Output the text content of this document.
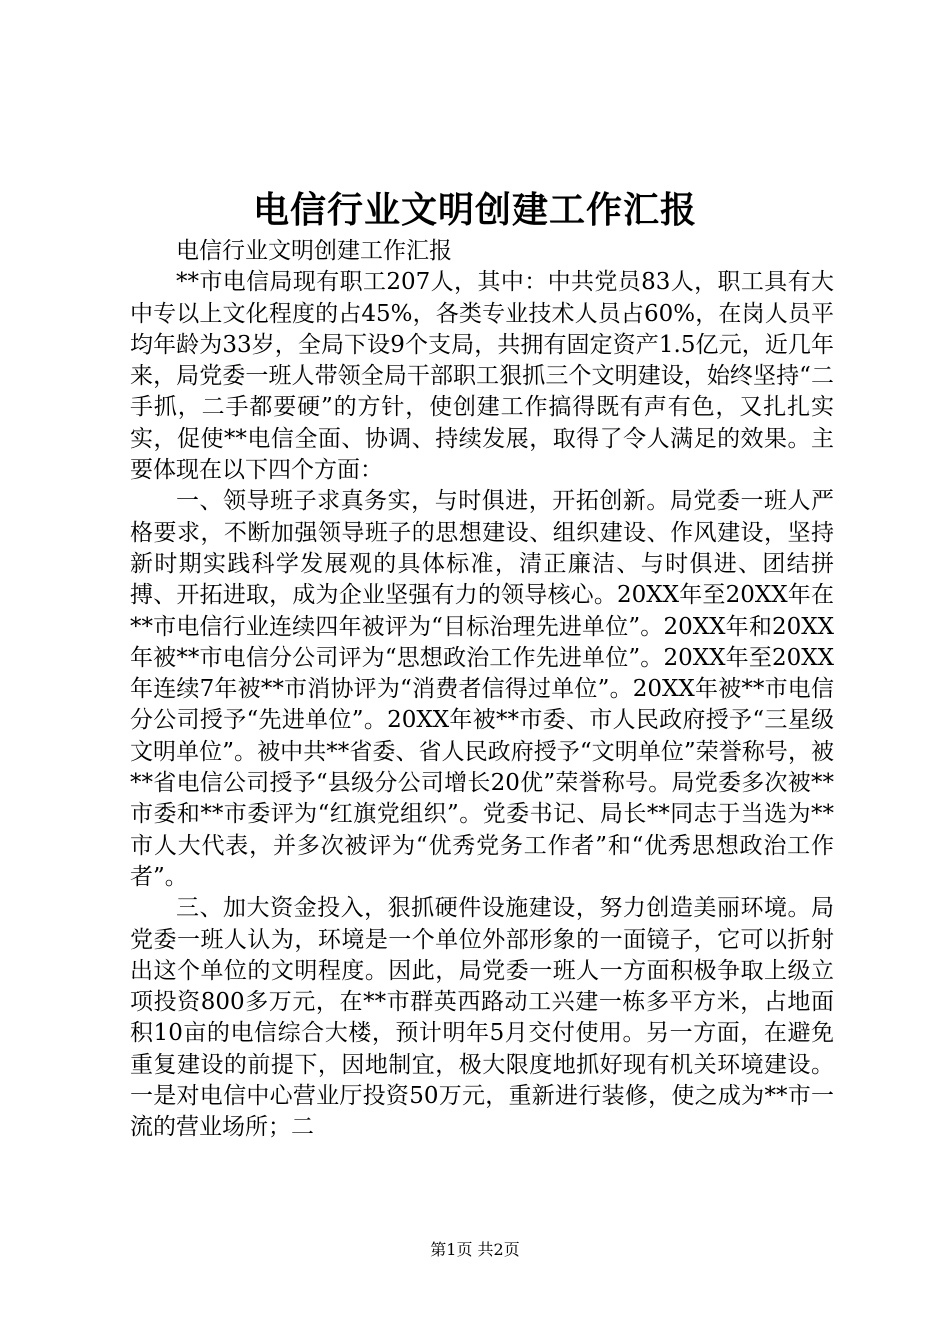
电信行业文明创建工作汇报

电信行业文明创建工作汇报

**市电信局现有职工207人，其中：中共党员83人，职工具有大中专以上文化程度的占45%，各类专业技术人员占60%，在岗人员平均年龄为33岁，全局下设9个支局，共拥有固定资产1.5亿元，近几年来，局党委一班人带领全局干部职工狠抓三个文明建设，始终坚持“二手抓，二手都要硬”的方针，使创建工作搞得既有声有色，又扎扎实实，促使**电信全面、协调、持续发展，取得了令人满足的效果。主要体现在以下四个方面：

一、领导班子求真务实，与时俱进，开拓创新。局党委一班人严格要求，不断加强领导班子的思想建设、组织建设、作风建设，坚持新时期实践科学发展观的具体标准，清正廉洁、与时俱进、团结拼搏、开拓进取，成为企业坚强有力的领导核心。20XX年至20XX年在**市电信行业连续四年被评为“目标治理先进单位”。20XX年和20XX年被**市电信分公司评为“思想政治工作先进单位”。20XX年至20XX年连续7年被**市消协评为“消费者信得过单位”。20XX年被**市电信分公司授予“先进单位”。20XX年被**市委、市人民政府授予“三星级文明单位”。被中共**省委、省人民政府授予“文明单位”荣誉称号，被**省电信公司授予“县级分公司增长20优”荣誉称号。局党委多次被**市委和**市委评为“红旗党组织”。党委书记、局长**同志于当选为**市人大代表，并多次被评为“优秀党务工作者”和“优秀思想政治工作者”。

三、加大资金投入，狠抓硬件设施建设，努力创造美丽环境。局党委一班人认为，环境是一个单位外部形象的一面镜子，它可以折射出这个单位的文明程度。因此，局党委一班人一方面积极争取上级立项投资800多万元，在**市群英西路动工兴建一栋多平方米，占地面积10亩的电信综合大楼，预计明年5月交付使用。另一方面，在避免重复建设的前提下，因地制宜，极大限度地抓好现有机关环境建设。一是对电信中心营业厅投资50万元，重新进行装修，使之成为**市一流的营业场所；二

第1页 共2页
